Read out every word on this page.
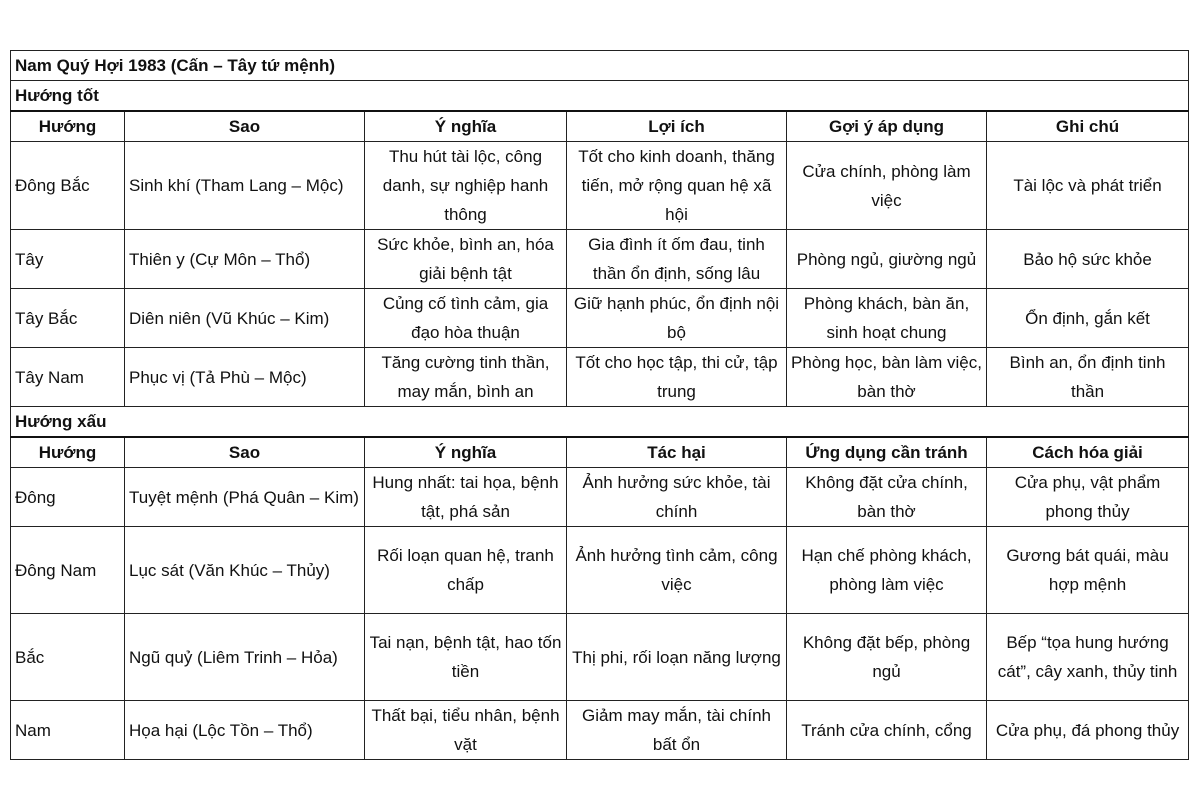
Nam Quý Hợi 1983 (Cấn – Tây tứ mệnh)					
Hướng tốt					
Hướng	Sao	Ý nghĩa	Lợi ích	Gợi ý áp dụng	Ghi chú
Đông Bắc	Sinh khí (Tham Lang – Mộc)	Thu hút tài lộc, công danh, sự nghiệp hanh thông	Tốt cho kinh doanh, thăng tiến, mở rộng quan hệ xã hội	Cửa chính, phòng làm việc	Tài lộc và phát triển
Tây	Thiên y (Cự Môn – Thổ)	Sức khỏe, bình an, hóa giải bệnh tật	Gia đình ít ốm đau, tinh thần ổn định, sống lâu	Phòng ngủ, giường ngủ	Bảo hộ sức khỏe
Tây Bắc	Diên niên (Vũ Khúc – Kim)	Củng cố tình cảm, gia đạo hòa thuận	Giữ hạnh phúc, ổn định nội bộ	Phòng khách, bàn ăn, sinh hoạt chung	Ổn định, gắn kết
Tây Nam	Phục vị (Tả Phù – Mộc)	Tăng cường tinh thần, may mắn, bình an	Tốt cho học tập, thi cử, tập trung	Phòng học, bàn làm việc, bàn thờ	Bình an, ổn định tinh thần
Hướng xấu					
Hướng	Sao	Ý nghĩa	Tác hại	Ứng dụng cần tránh	Cách hóa giải
Đông	Tuyệt mệnh (Phá Quân – Kim)	Hung nhất: tai họa, bệnh tật, phá sản	Ảnh hưởng sức khỏe, tài chính	Không đặt cửa chính, bàn thờ	Cửa phụ, vật phẩm phong thủy
Đông Nam	Lục sát (Văn Khúc – Thủy)	Rối loạn quan hệ, tranh chấp	Ảnh hưởng tình cảm, công việc	Hạn chế phòng khách, phòng làm việc	Gương bát quái, màu hợp mệnh
Bắc	Ngũ quỷ (Liêm Trinh – Hỏa)	Tai nạn, bệnh tật, hao tốn tiền	Thị phi, rối loạn năng lượng	Không đặt bếp, phòng ngủ	Bếp “tọa hung hướng cát”, cây xanh, thủy tinh
Nam	Họa hại (Lộc Tồn – Thổ)	Thất bại, tiểu nhân, bệnh vặt	Giảm may mắn, tài chính bất ổn	Tránh cửa chính, cổng	Cửa phụ, đá phong thủy
